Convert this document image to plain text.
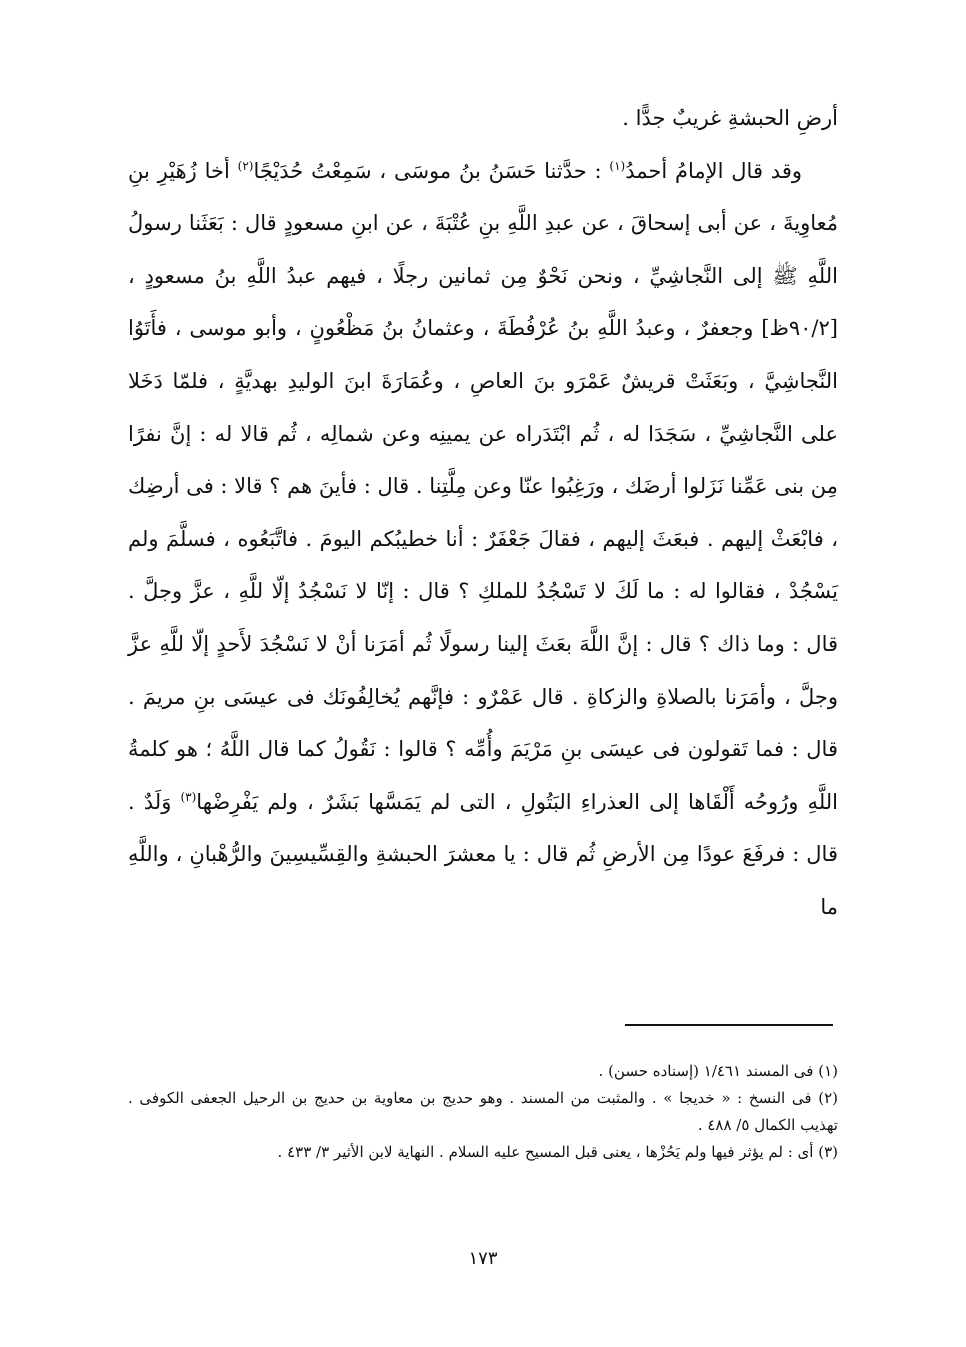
أرضِ الحبشةِ غريبٌ جدًّا .

وقد قال الإمامُ أحمدُ$^{(١)}$ : حدَّثنا حَسَنُ بنُ موسَى ، سَمِعْتُ حُدَيْجًا$^{(٢)}$ أخا زُهَيْرِ بنِ مُعاوِيةَ ، عن أبى إسحاقَ ، عن عبدِ اللَّهِ بنِ عُتْبَةَ ، عن ابنِ مسعودٍ قال : بَعَثَنا رسولُ اللَّهِ ﷺ إلى النَّجاشِيِّ ، ونحن نَحْوٌ مِن ثمانين رجلًا ، فيهم عبدُ اللَّهِ بنُ مسعودٍ ، [٩٠/٢ظ] وجعفرٌ ، وعبدُ اللَّهِ بنُ عُرْفُطَةَ ، وعثمانُ بنُ مَظْعُونٍ ، وأبو موسى ، فأَتَوُا النَّجاشِيَّ ، وبَعَثَتْ قريشٌ عَمْرَو بنَ العاصِ ، وعُمَارَةَ ابنَ الوليدِ بهديَّةٍ ، فلمّا دَخَلا على النَّجاشِيِّ ، سَجَدَا له ، ثُم ابْتَدَراه عن يمينِه وعن شمالِه ، ثُم قالا له : إنَّ نفرًا مِن بنى عَمِّنا نَزَلوا أرضَك ، ورَغِبُوا عنّا وعن مِلَّتِنا . قال : فأينَ هم ؟ قالا : فى أرضِك ، فابْعَثْ إليهم . فبعَثَ إليهم ، فقالَ جَعْفَرٌ : أنا خطيبُكم اليومَ . فاتَّبَعُوه ، فسلَّمَ ولم يَسْجُدْ ، فقالوا له : ما لَكَ لا تَسْجُدُ للملكِ ؟ قال : إنّا لا نَسْجُدُ إلّا للَّهِ ، عزَّ وجلَّ . قال : وما ذاك ؟ قال : إنَّ اللَّهَ بعَثَ إلينا رسولًا ثُم أمَرَنا أنْ لا نَسْجُدَ لأَحدٍ إلّا للَّهِ عزَّ وجلَّ ، وأمَرَنا بالصلاةِ والزكاةِ . قال عَمْرٌو : فإنَّهم يُخالِفُونَك فى عيسَى بنِ مريمَ . قال : فما تَقولون فى عيسَى بنِ مَرْيَمَ وأُمِّه ؟ قالوا : نَقُولُ كما قال اللَّهُ ؛ هو كلمةُ اللَّهِ ورُوحُه أَلْقَاها إلى العذراءِ البَتُولِ ، التى لم يَمَسَّها بَشَرٌ ، ولم يَفْرِضْها$^{(٣)}$ وَلَدٌ . قال : فرفَعَ عودًا مِن الأرضِ ثُم قال : يا معشرَ الحبشةِ والقِسِّيسِينَ والرُّهْبانِ ، واللَّهِ ما

(١) فى المسند ١/٤٦١ (إسناده حسن) .

(٢) فى النسخ : « خديجا » . والمثبت من المسند . وهو حديج بن معاوية بن حديج بن الرحيل الجعفى الكوفى . تهذيب الكمال ٥/ ٤٨٨ .

(٣) أى : لم يؤثر فيها ولم يَحُزْها ، يعنى قبل المسيح عليه السلام . النهاية لابن الأثير ٣/ ٤٣٣ .

١٧٣
